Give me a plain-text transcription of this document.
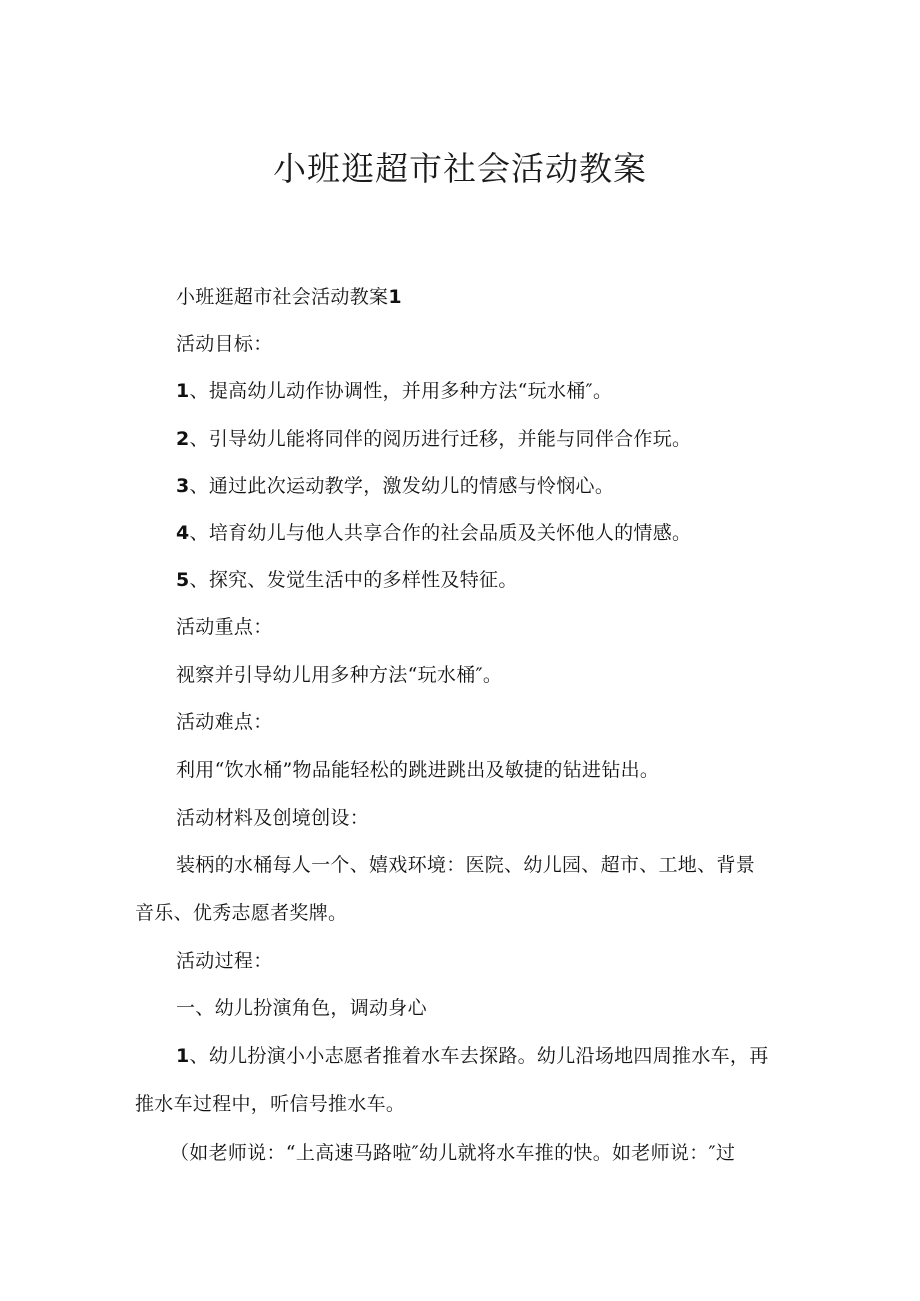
小班逛超市社会活动教案
小班逛超市社会活动教案1
活动目标：
1、提高幼儿动作协调性，并用多种方法“玩水桶″。
2、引导幼儿能将同伴的阅历进行迁移，并能与同伴合作玩。
3、通过此次运动教学，激发幼儿的情感与怜悯心。
4、培育幼儿与他人共享合作的社会品质及关怀他人的情感。
5、探究、发觉生活中的多样性及特征。
活动重点：
视察并引导幼儿用多种方法“玩水桶″。
活动难点：
利用“饮水桶”物品能轻松的跳进跳出及敏捷的钻进钻出。
活动材料及创境创设：
装柄的水桶每人一个、嬉戏环境：医院、幼儿园、超市、工地、背景
音乐、优秀志愿者奖牌。
活动过程：
一、幼儿扮演角色，调动身心
1、幼儿扮演小小志愿者推着水车去探路。幼儿沿场地四周推水车，再
推水车过程中，听信号推水车。
（如老师说：“上高速马路啦″幼儿就将水车推的快。如老师说：″过
